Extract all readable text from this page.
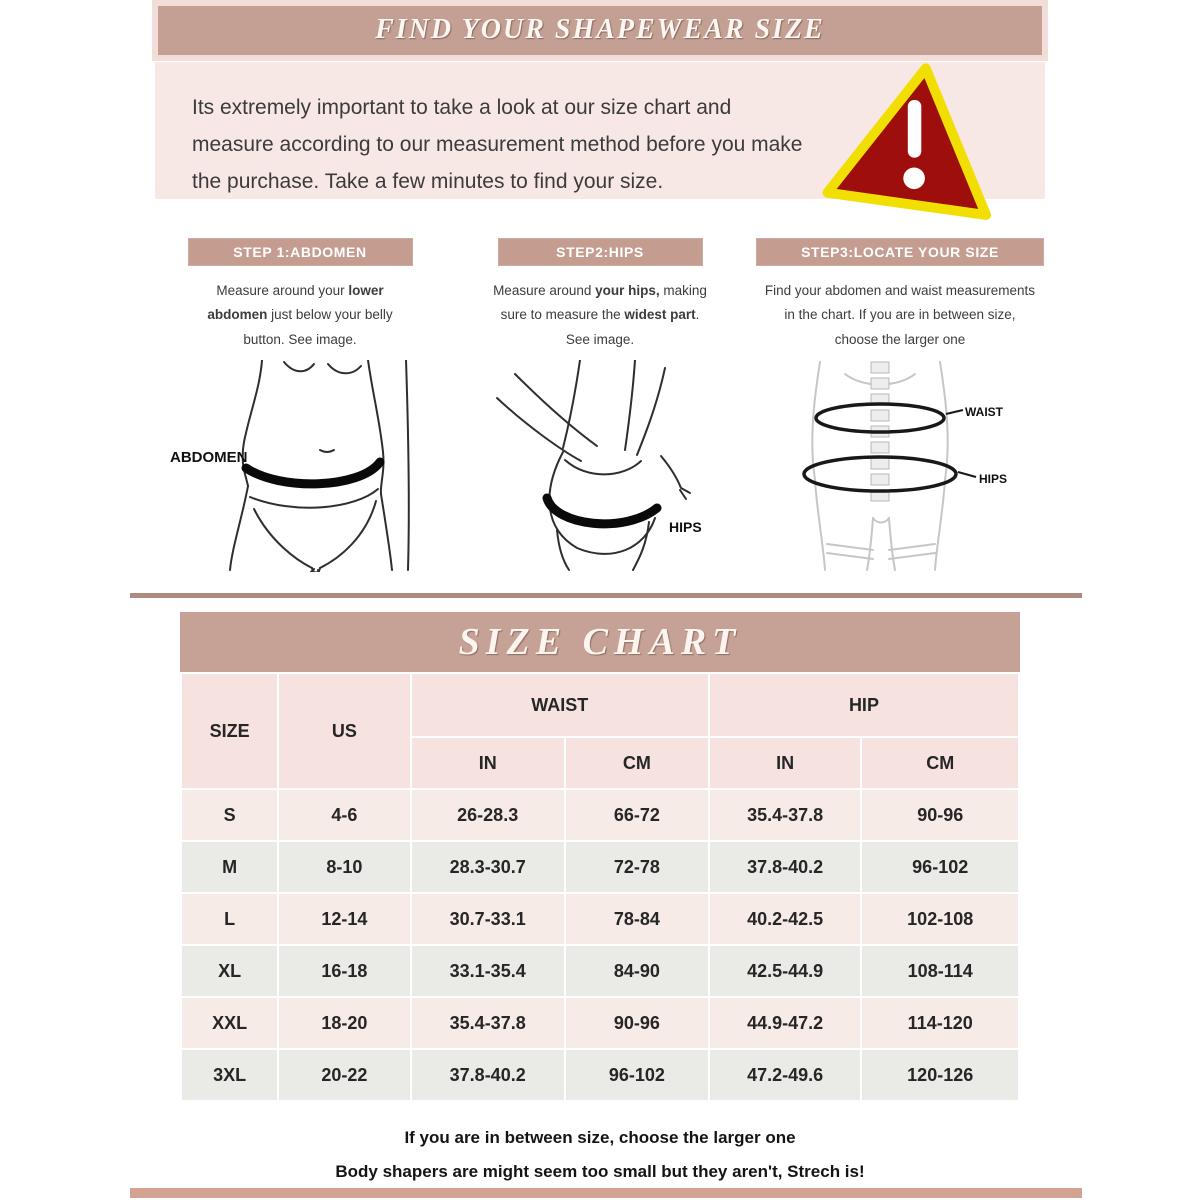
FIND YOUR SHAPEWEAR SIZE
Its extremely important to take a look at our size chart and measure according to our measurement method before you make the purchase. Take a few minutes to find your size.
STEP 1:ABDOMEN
Measure around your lower abdomen just below your belly button. See image.
ABDOMEN
STEP2:HIPS
Measure around your hips, making sure to measure the widest part. See image.
HIPS
STEP3:LOCATE YOUR SIZE
Find your abdomen and waist measurements in the chart. If you are in between size, choose the larger one
WAIST
HIPS
SIZE CHART
SIZE	US	WAIST		HIP	
		IN	CM	IN	CM
S	4-6	26-28.3	66-72	35.4-37.8	90-96
M	8-10	28.3-30.7	72-78	37.8-40.2	96-102
L	12-14	30.7-33.1	78-84	40.2-42.5	102-108
XL	16-18	33.1-35.4	84-90	42.5-44.9	108-114
XXL	18-20	35.4-37.8	90-96	44.9-47.2	114-120
3XL	20-22	37.8-40.2	96-102	47.2-49.6	120-126
If you are in between size, choose the larger one
Body shapers are might seem too small but they aren't, Strech is!
